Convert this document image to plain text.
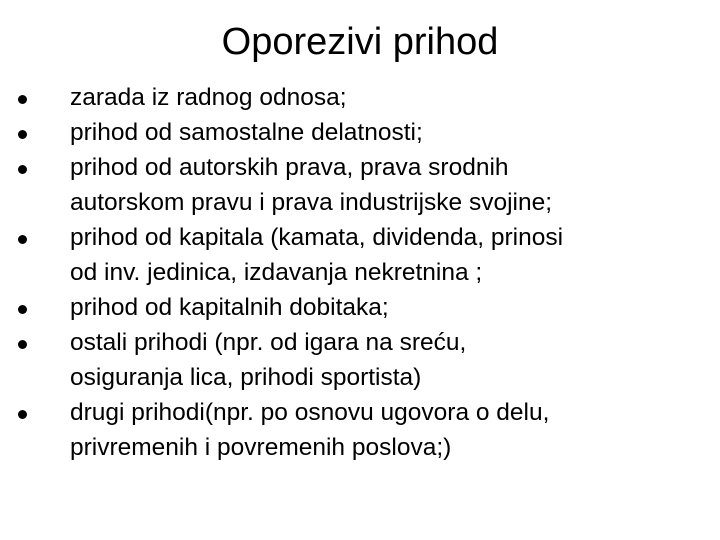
Oporezivi prihod
zarada iz radnog odnosa;
prihod od samostalne delatnosti;
prihod od autorskih prava, prava srodnih
autorskom pravu i prava industrijske svojine;
prihod od kapitala (kamata, dividenda, prinosi
od inv. jedinica, izdavanja nekretnina ;
prihod od kapitalnih dobitaka;
ostali prihodi (npr. od igara na sreću,
osiguranja lica, prihodi sportista)
drugi prihodi(npr. po osnovu ugovora o delu,
privremenih i povremenih poslova;)
